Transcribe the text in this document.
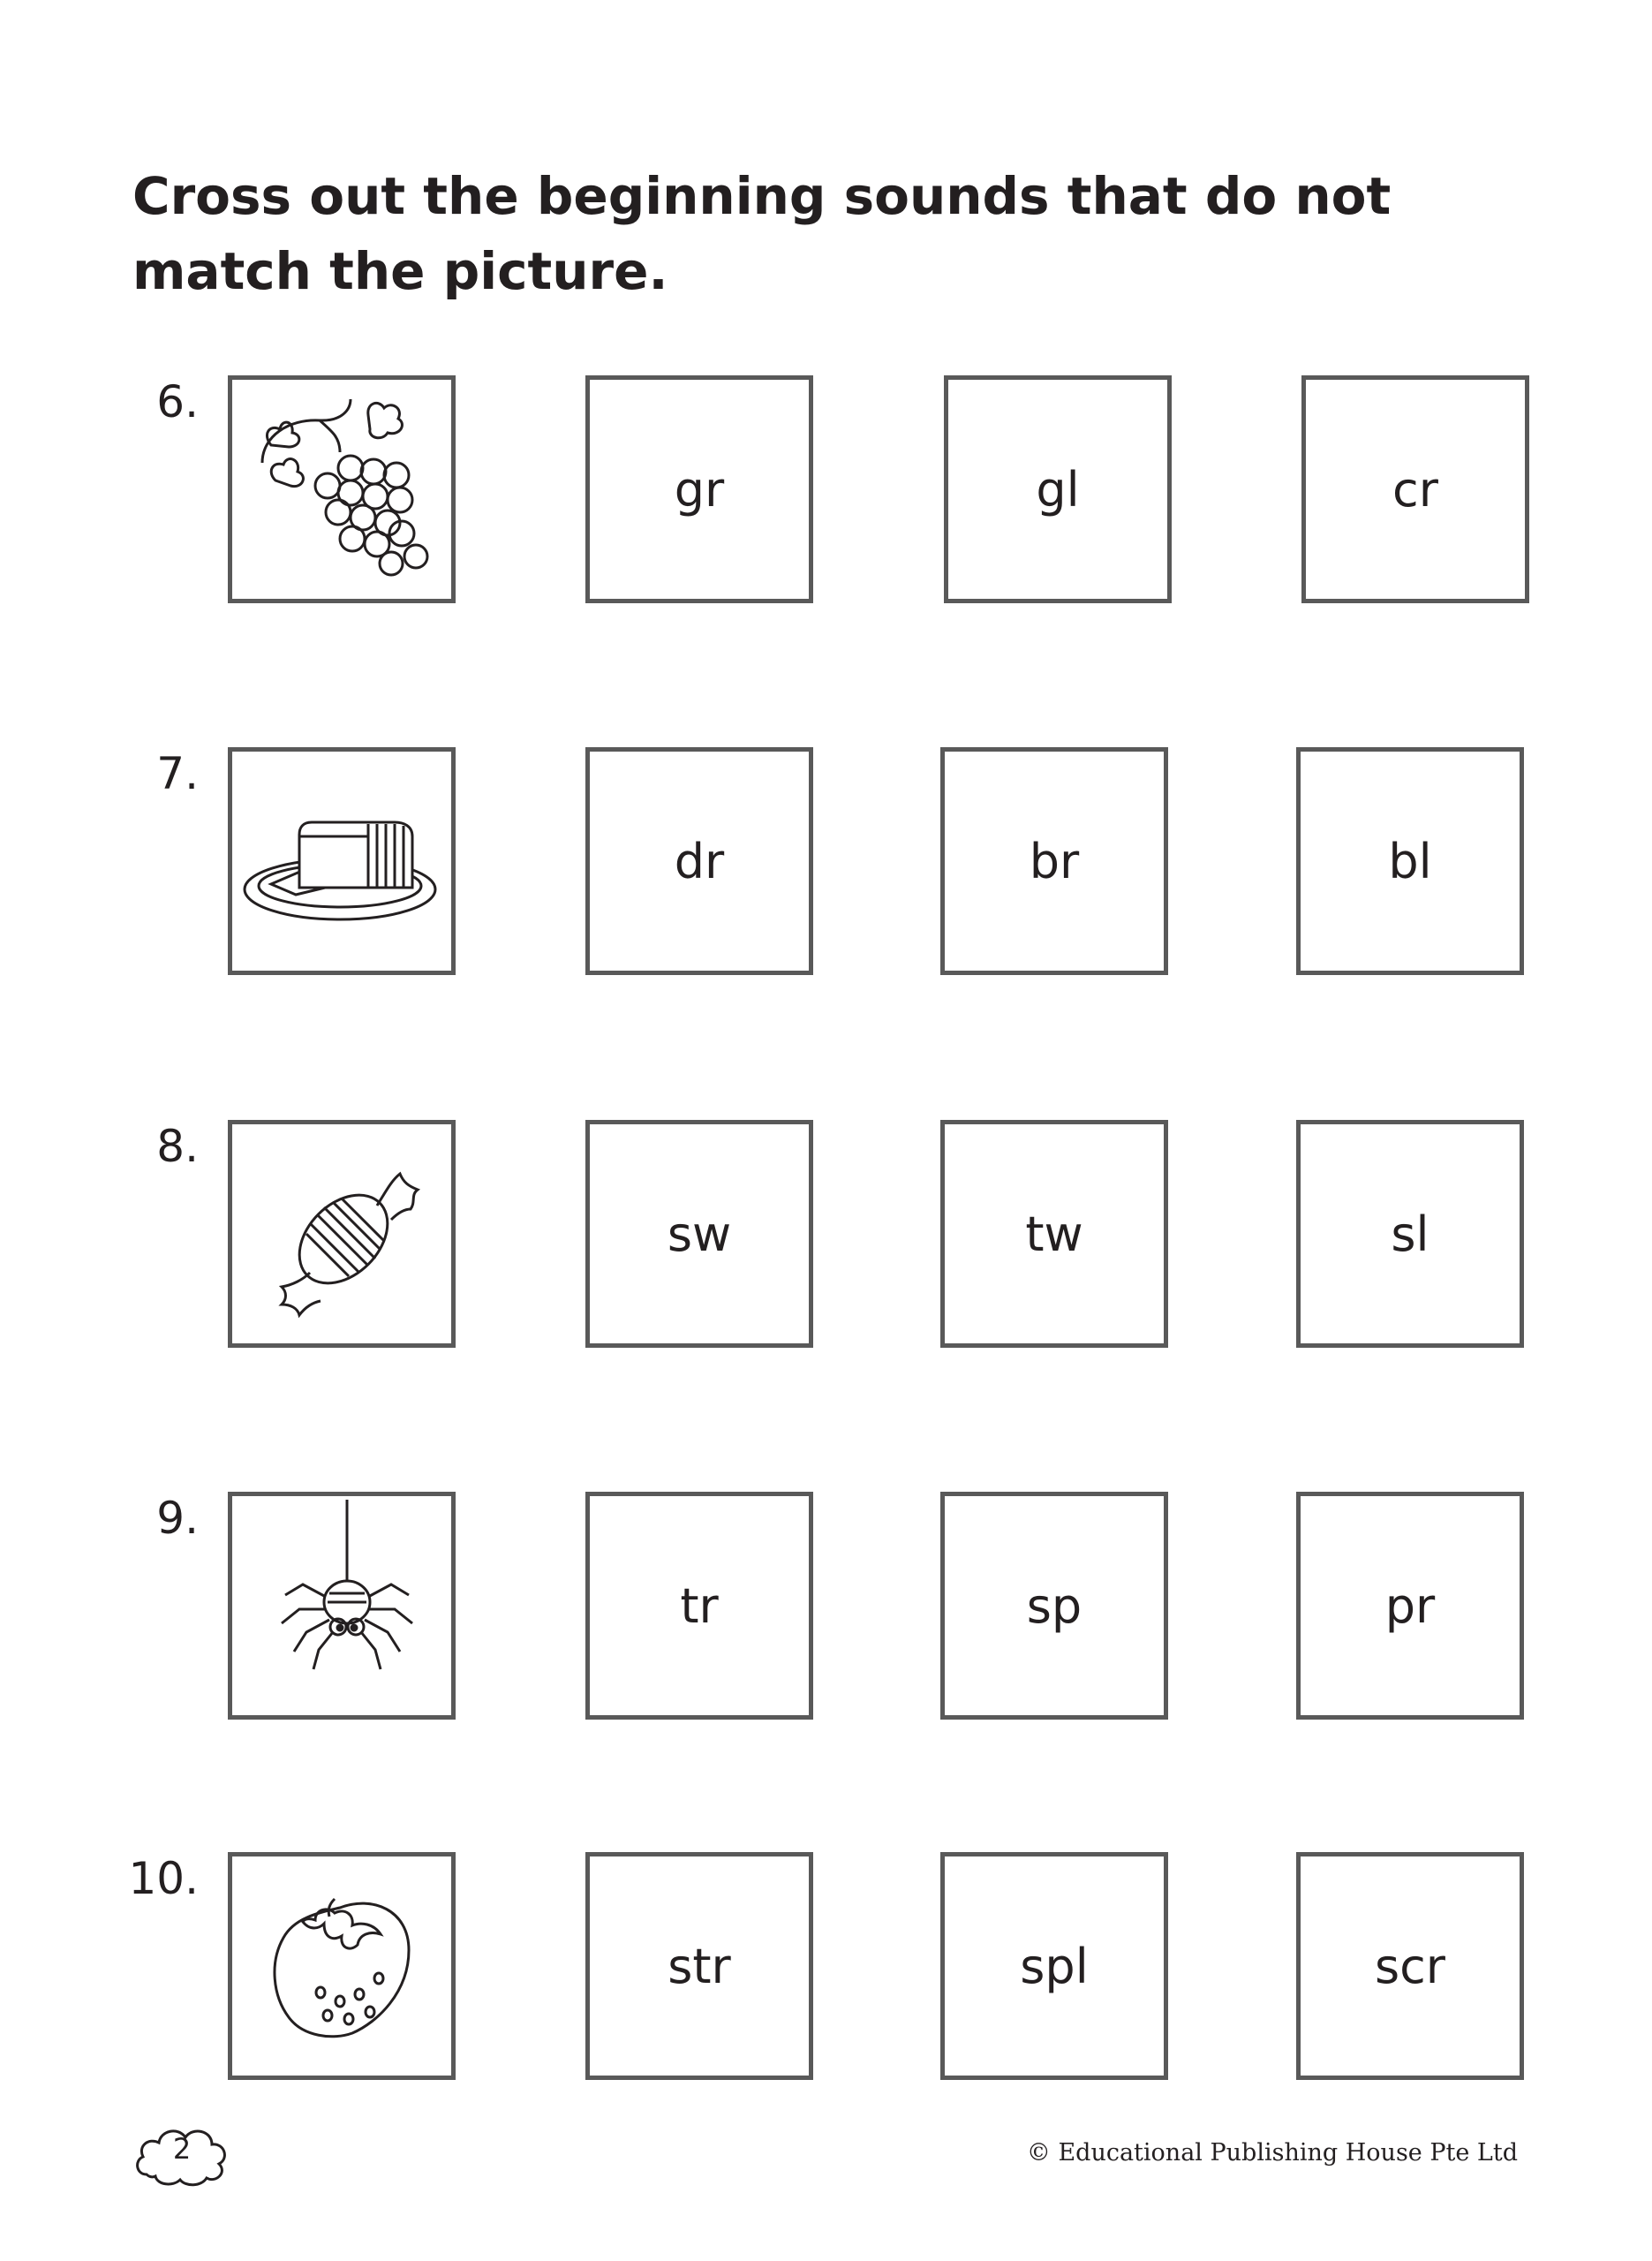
Cross out the beginning sounds that do not match the picture.

6.
gr	gl	cr
7.
dr	br	bl
8.
sw	tw	sl
9.
tr	sp	pr
10.
str	spl	scr
2	© Educational Publishing House Pte Ltd
